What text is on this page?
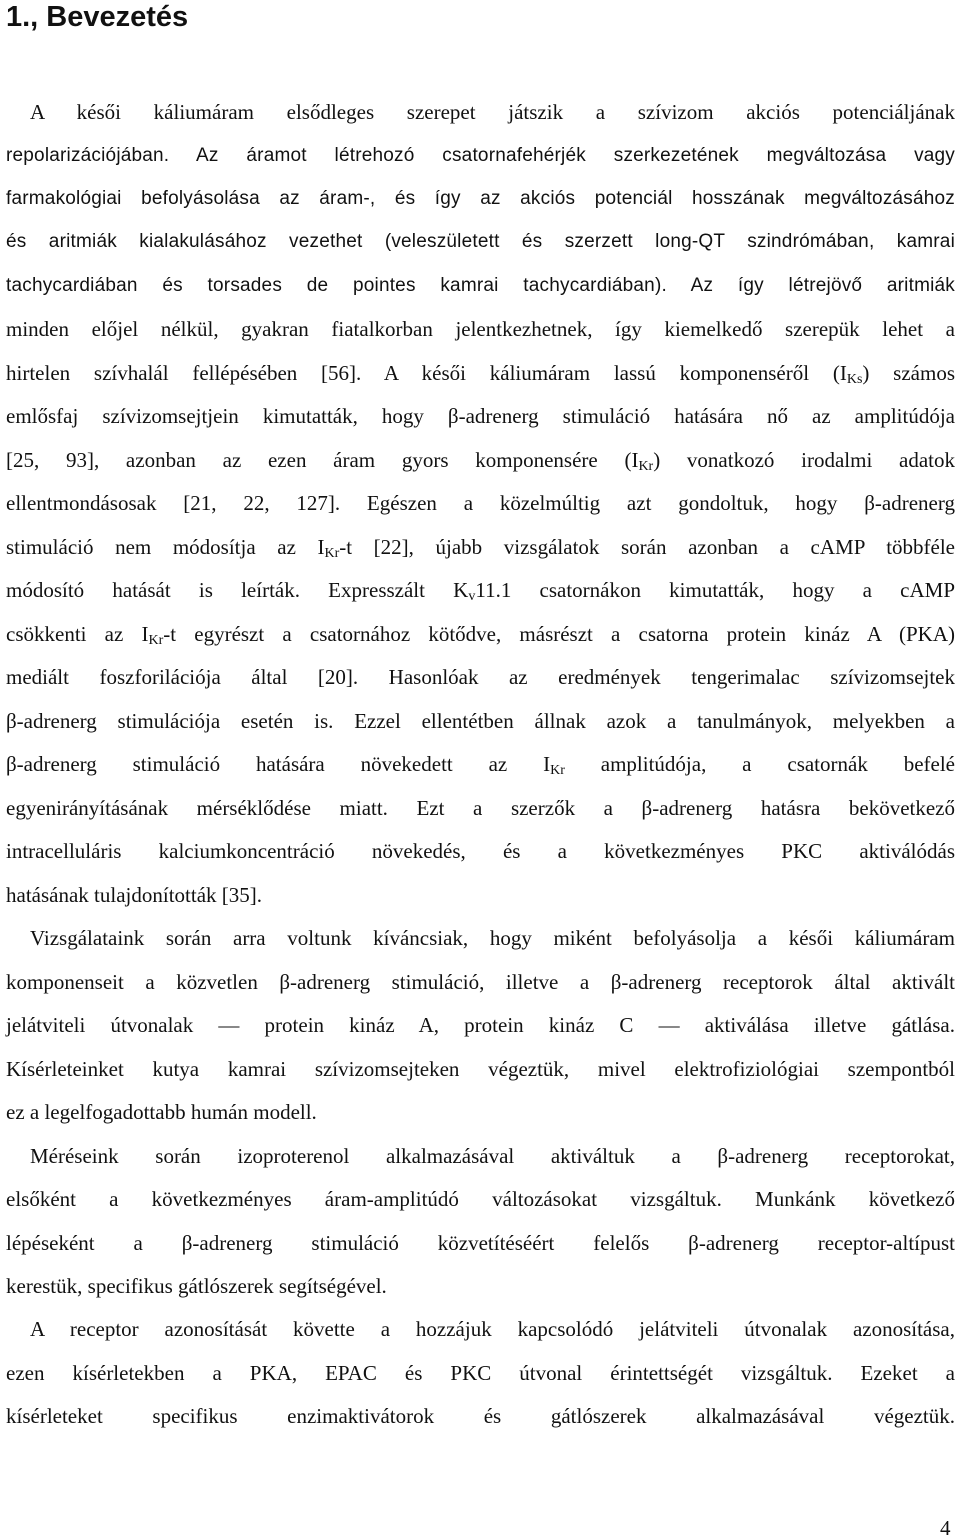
1., Bevezetés
A késői káliumáram elsődleges szerepet játszik a szívizom akciós potenciáljának
repolarizációjában. Az áramot létrehozó csatornafehérjék szerkezetének megváltozása vagy
farmakológiai befolyásolása az áram-, és így az akciós potenciál hosszának megváltozásához
és aritmiák kialakulásához vezethet (veleszületett és szerzett long-QT szindrómában, kamrai
tachycardiában és torsades de pointes kamrai tachycardiában). Az így létrejövő aritmiák
minden előjel nélkül, gyakran fiatalkorban jelentkezhetnek, így kiemelkedő szerepük lehet a
hirtelen szívhalál fellépésében [56]. A késői káliumáram lassú komponenséről $(I_{Ks})$ számos
emlősfaj szívizomsejtjein kimutatták, hogy β-adrenerg stimuláció hatására nő az amplitúdója
[25, 93], azonban az ezen áram gyors komponensére $(I_{Kr})$ vonatkozó irodalmi adatok
ellentmondásosak [21, 22, 127]. Egészen a közelmúltig azt gondoltuk, hogy β-adrenerg
stimuláció nem módosítja az $I_{Kr}-t$ [22], újabb vizsgálatok során azonban a cAMP többféle
módosító hatását is leírták. Expresszált $K_v11.1$ csatornákon kimutatták, hogy a cAMP
csökkenti az $I_{Kr}-t$ egyrészt a csatornához kötődve, másrészt a csatorna protein kináz A (PKA)
mediált foszforilációja által [20]. Hasonlóak az eredmények tengerimalac szívizomsejtek
β-adrenerg stimulációja esetén is. Ezzel ellentétben állnak azok a tanulmányok, melyekben a
β-adrenerg stimuláció hatására növekedett az $I_{Kr}$ amplitúdója, a csatornák befelé
egyenirányításának mérséklődése miatt. Ezt a szerzők a β-adrenerg hatásra bekövetkező
intracelluláris kalciumkoncentráció növekedés, és a következményes PKC aktiválódás
hatásának tulajdonították [35].
Vizsgálataink során arra voltunk kíváncsiak, hogy miként befolyásolja a késői káliumáram
komponenseit a közvetlen β-adrenerg stimuláció, illetve a β-adrenerg receptorok által aktivált
jelátviteli útvonalak — protein kináz A, protein kináz C — aktiválása illetve gátlása.
Kísérleteinket kutya kamrai szívizomsejteken végeztük, mivel elektrofiziológiai szempontból
ez a legelfogadottabb humán modell.
Méréseink során izoproterenol alkalmazásával aktiváltuk a β-adrenerg receptorokat,
elsőként a következményes áram-amplitúdó változásokat vizsgáltuk. Munkánk következő
lépéseként a β-adrenerg stimuláció közvetítéséért felelős β-adrenerg receptor-altípust
kerestük, specifikus gátlószerek segítségével.
A receptor azonosítását követte a hozzájuk kapcsolódó jelátviteli útvonalak azonosítása,
ezen kísérletekben a PKA, EPAC és PKC útvonal érintettségét vizsgáltuk. Ezeket a
kísérleteket specifikus enzimaktivátorok és gátlószerek alkalmazásával végeztük.
4
